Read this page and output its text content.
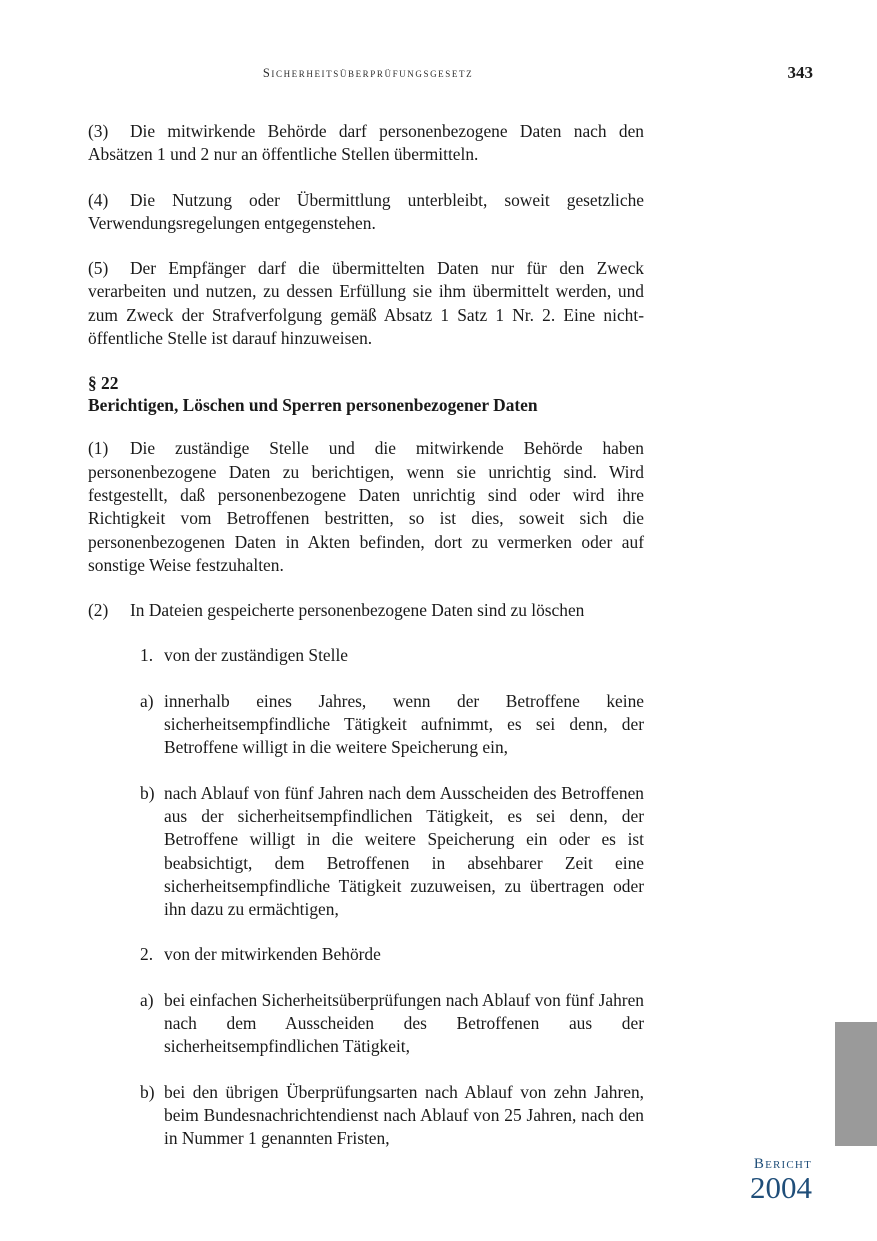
Sicherheitsüberprüfungsgesetz	343

(3) Die mitwirkende Behörde darf personenbezogene Daten nach den Absätzen 1 und 2 nur an öffentliche Stellen übermitteln.

(4) Die Nutzung oder Übermittlung unterbleibt, soweit gesetzliche Verwendungsregelungen entgegenstehen.

(5) Der Empfänger darf die übermittelten Daten nur für den Zweck verarbeiten und nutzen, zu dessen Erfüllung sie ihm übermittelt werden, und zum Zweck der Strafverfolgung gemäß Absatz 1 Satz 1 Nr. 2. Eine nicht-öffentliche Stelle ist darauf hinzuweisen.

§ 22
Berichtigen, Löschen und Sperren personenbezogener Daten

(1) Die zuständige Stelle und die mitwirkende Behörde haben personenbezogene Daten zu berichtigen, wenn sie unrichtig sind. Wird festgestellt, daß personenbezogene Daten unrichtig sind oder wird ihre Richtigkeit vom Betroffenen bestritten, so ist dies, soweit sich die personenbezogenen Daten in Akten befinden, dort zu vermerken oder auf sonstige Weise festzuhalten.

(2) In Dateien gespeicherte personenbezogene Daten sind zu löschen

1. von der zuständigen Stelle
a) innerhalb eines Jahres, wenn der Betroffene keine sicherheitsempfindliche Tätigkeit aufnimmt, es sei denn, der Betroffene willigt in die weitere Speicherung ein,
b) nach Ablauf von fünf Jahren nach dem Ausscheiden des Betroffenen aus der sicherheitsempfindlichen Tätigkeit, es sei denn, der Betroffene willigt in die weitere Speicherung ein oder es ist beabsichtigt, dem Betroffenen in absehbarer Zeit eine sicherheitsempfindliche Tätigkeit zuzuweisen, zu übertragen oder ihn dazu zu ermächtigen,
2. von der mitwirkenden Behörde
a) bei einfachen Sicherheitsüberprüfungen nach Ablauf von fünf Jahren nach dem Ausscheiden des Betroffenen aus der sicherheitsempfindlichen Tätigkeit,
b) bei den übrigen Überprüfungsarten nach Ablauf von zehn Jahren, beim Bundesnachrichtendienst nach Ablauf von 25 Jahren, nach den in Nummer 1 genannten Fristen,
Bericht
2004
